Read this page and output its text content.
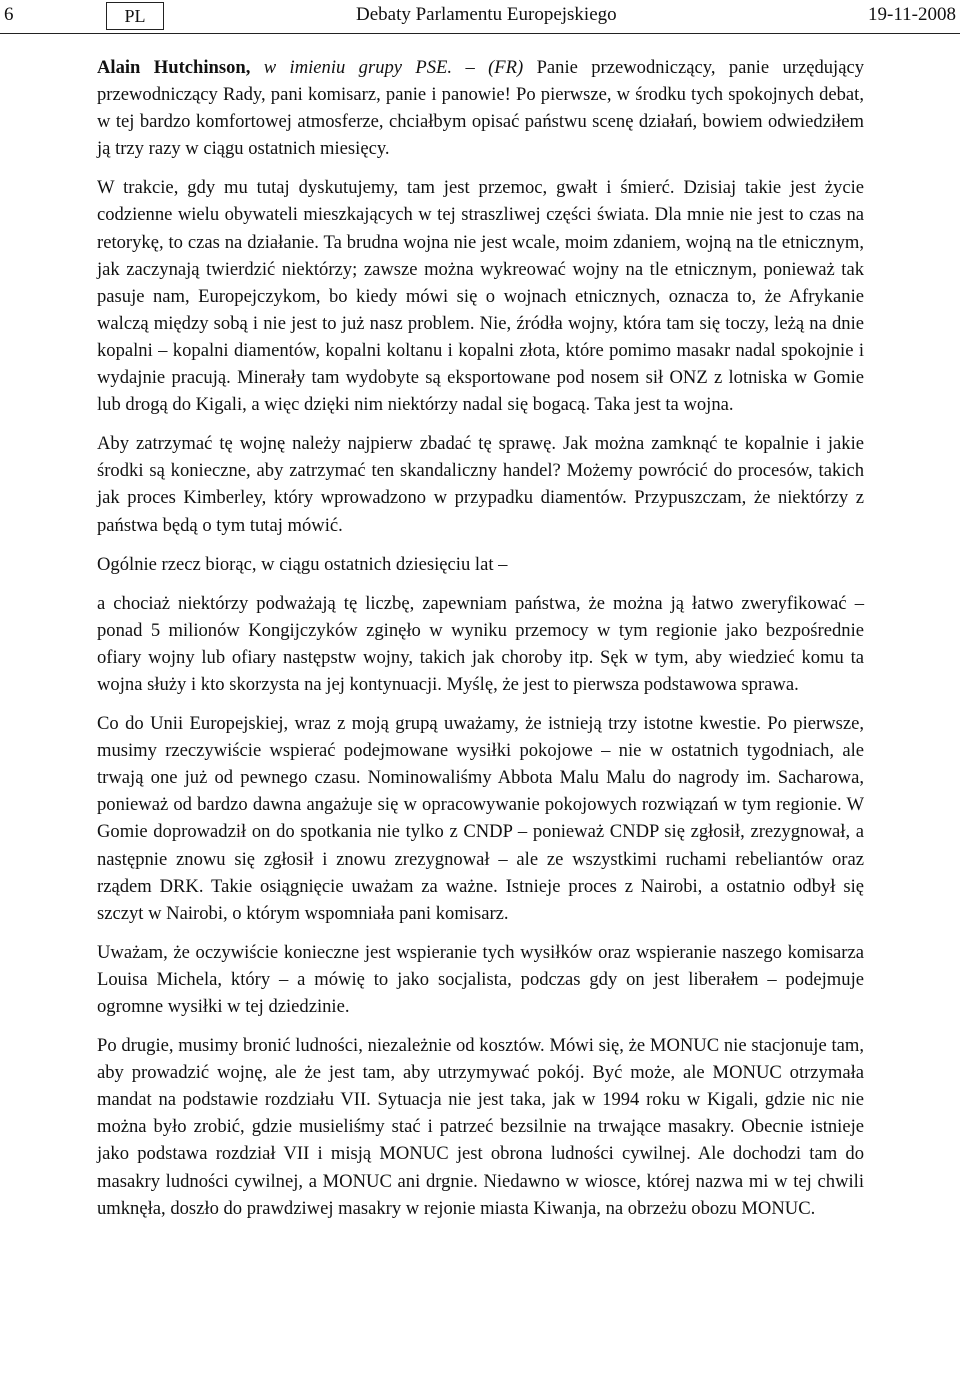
6	PL	Debaty Parlamentu Europejskiego	19-11-2008

Alain Hutchinson, w imieniu grupy PSE. – (FR) Panie przewodniczący, panie urzędujący przewodniczący Rady, pani komisarz, panie i panowie! Po pierwsze, w środku tych spokojnych debat, w tej bardzo komfortowej atmosferze, chciałbym opisać państwu scenę działań, bowiem odwiedziłem ją trzy razy w ciągu ostatnich miesięcy.

W trakcie, gdy mu tutaj dyskutujemy, tam jest przemoc, gwałt i śmierć. Dzisiaj takie jest życie codzienne wielu obywateli mieszkających w tej straszliwej części świata. Dla mnie nie jest to czas na retorykę, to czas na działanie. Ta brudna wojna nie jest wcale, moim zdaniem, wojną na tle etnicznym, jak zaczynają twierdzić niektórzy; zawsze można wykreować wojny na tle etnicznym, ponieważ tak pasuje nam, Europejczykom, bo kiedy mówi się o wojnach etnicznych, oznacza to, że Afrykanie walczą między sobą i nie jest to już nasz problem. Nie, źródła wojny, która tam się toczy, leżą na dnie kopalni – kopalni diamentów, kopalni koltanu i kopalni złota, które pomimo masakr nadal spokojnie i wydajnie pracują. Minerały tam wydobyte są eksportowane pod nosem sił ONZ z lotniska w Gomie lub drogą do Kigali, a więc dzięki nim niektórzy nadal się bogacą. Taka jest ta wojna.

Aby zatrzymać tę wojnę należy najpierw zbadać tę sprawę. Jak można zamknąć te kopalnie i jakie środki są konieczne, aby zatrzymać ten skandaliczny handel? Możemy powrócić do procesów, takich jak proces Kimberley, który wprowadzono w przypadku diamentów. Przypuszczam, że niektórzy z państwa będą o tym tutaj mówić.

Ogólnie rzecz biorąc, w ciągu ostatnich dziesięciu lat –

a chociaż niektórzy podważają tę liczbę, zapewniam państwa, że można ją łatwo zweryfikować – ponad 5 milionów Kongijczyków zginęło w wyniku przemocy w tym regionie jako bezpośrednie ofiary wojny lub ofiary następstw wojny, takich jak choroby itp. Sęk w tym, aby wiedzieć komu ta wojna służy i kto skorzysta na jej kontynuacji. Myślę, że jest to pierwsza podstawowa sprawa.

Co do Unii Europejskiej, wraz z moją grupą uważamy, że istnieją trzy istotne kwestie. Po pierwsze, musimy rzeczywiście wspierać podejmowane wysiłki pokojowe – nie w ostatnich tygodniach, ale trwają one już od pewnego czasu. Nominowaliśmy Abbota Malu Malu do nagrody im. Sacharowa, ponieważ od bardzo dawna angażuje się w opracowywanie pokojowych rozwiązań w tym regionie. W Gomie doprowadził on do spotkania nie tylko z CNDP – ponieważ CNDP się zgłosił, zrezygnował, a następnie znowu się zgłosił i znowu zrezygnował – ale ze wszystkimi ruchami rebeliantów oraz rządem DRK. Takie osiągnięcie uważam za ważne. Istnieje proces z Nairobi, a ostatnio odbył się szczyt w Nairobi, o którym wspomniała pani komisarz.

Uważam, że oczywiście konieczne jest wspieranie tych wysiłków oraz wspieranie naszego komisarza Louisa Michela, który – a mówię to jako socjalista, podczas gdy on jest liberałem – podejmuje ogromne wysiłki w tej dziedzinie.

Po drugie, musimy bronić ludności, niezależnie od kosztów. Mówi się, że MONUC nie stacjonuje tam, aby prowadzić wojnę, ale że jest tam, aby utrzymywać pokój. Być może, ale MONUC otrzymała mandat na podstawie rozdziału VII. Sytuacja nie jest taka, jak w 1994 roku w Kigali, gdzie nic nie można było zrobić, gdzie musieliśmy stać i patrzeć bezsilnie na trwające masakry. Obecnie istnieje jako podstawa rozdział VII i misją MONUC jest obrona ludności cywilnej. Ale dochodzi tam do masakry ludności cywilnej, a MONUC ani drgnie. Niedawno w wiosce, której nazwa mi w tej chwili umknęła, doszło do prawdziwej masakry w rejonie miasta Kiwanja, na obrzeżu obozu MONUC.
